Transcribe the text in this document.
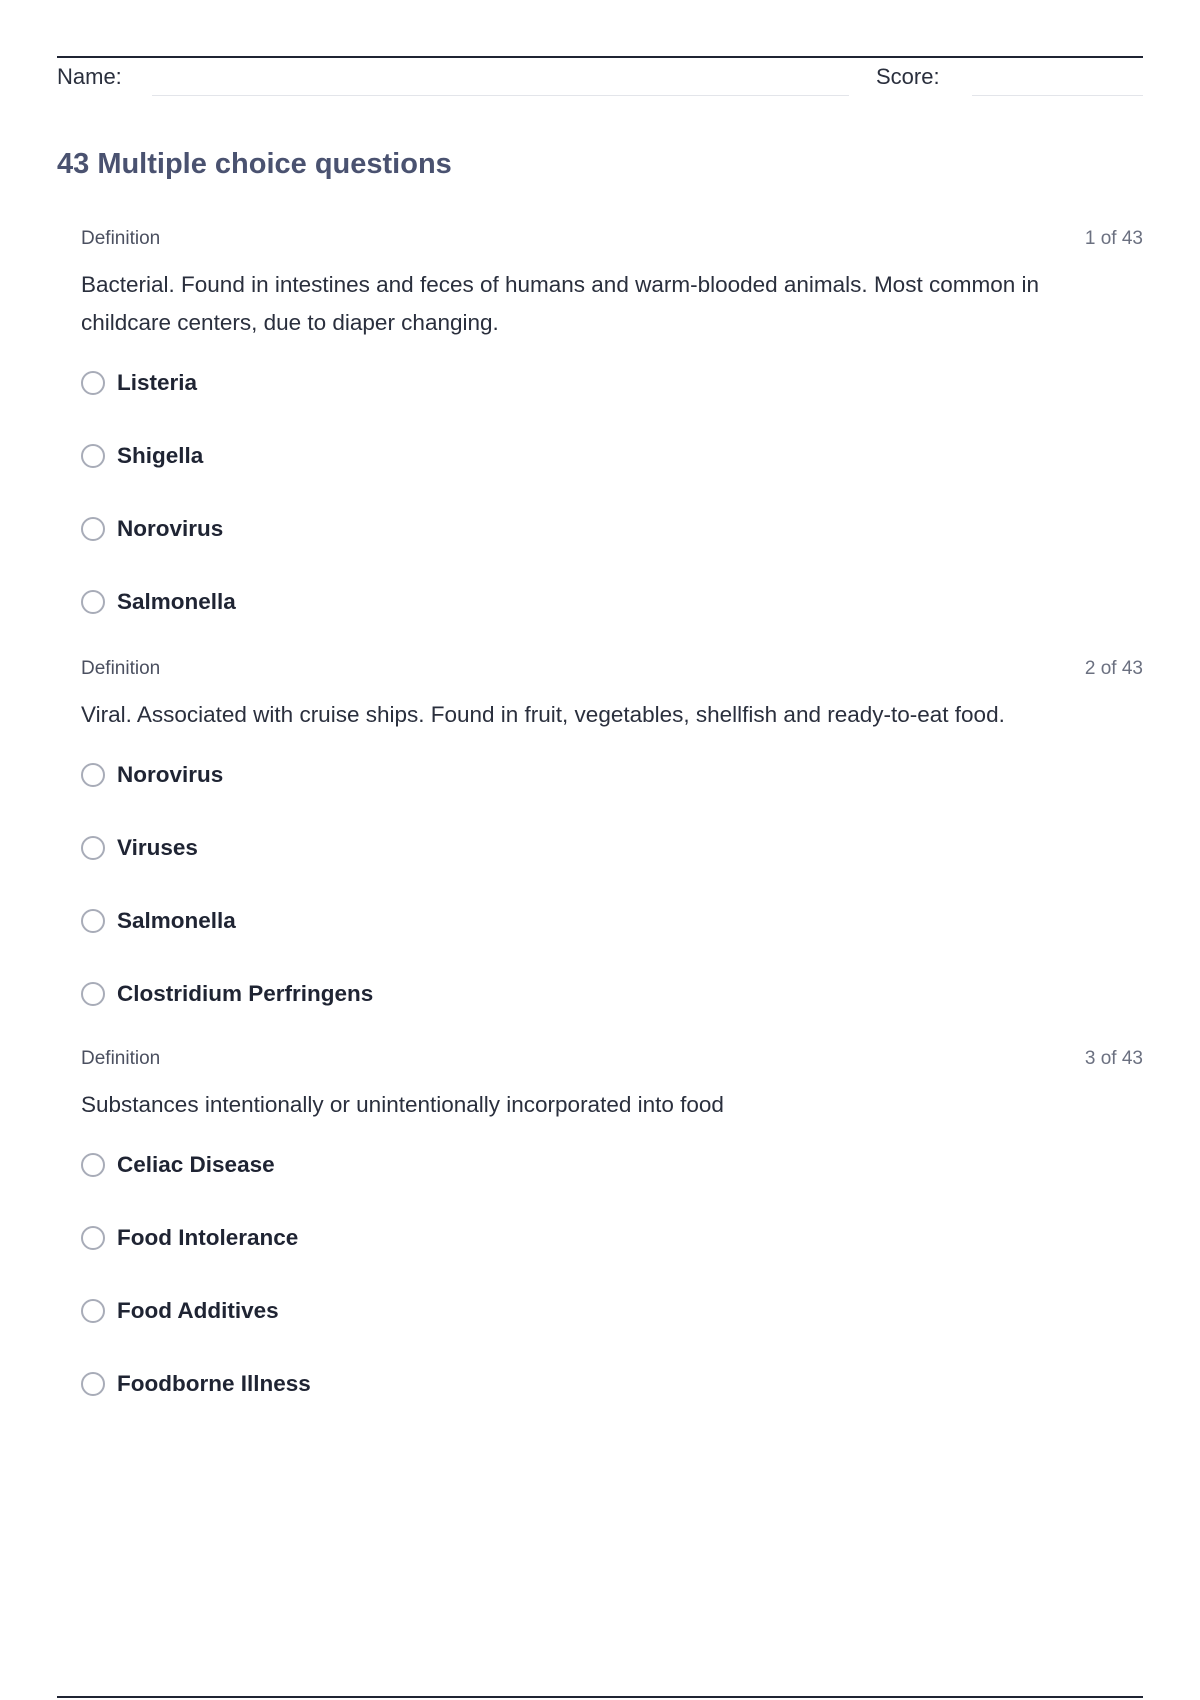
Name:	Score:
43 Multiple choice questions
Definition	1 of 43
Bacterial. Found in intestines and feces of humans and warm-blooded animals. Most common in childcare centers, due to diaper changing.
Listeria
Shigella
Norovirus
Salmonella
Definition	2 of 43
Viral. Associated with cruise ships. Found in fruit, vegetables, shellfish and ready-to-eat food.
Norovirus
Viruses
Salmonella
Clostridium Perfringens
Definition	3 of 43
Substances intentionally or unintentionally incorporated into food
Celiac Disease
Food Intolerance
Food Additives
Foodborne Illness
